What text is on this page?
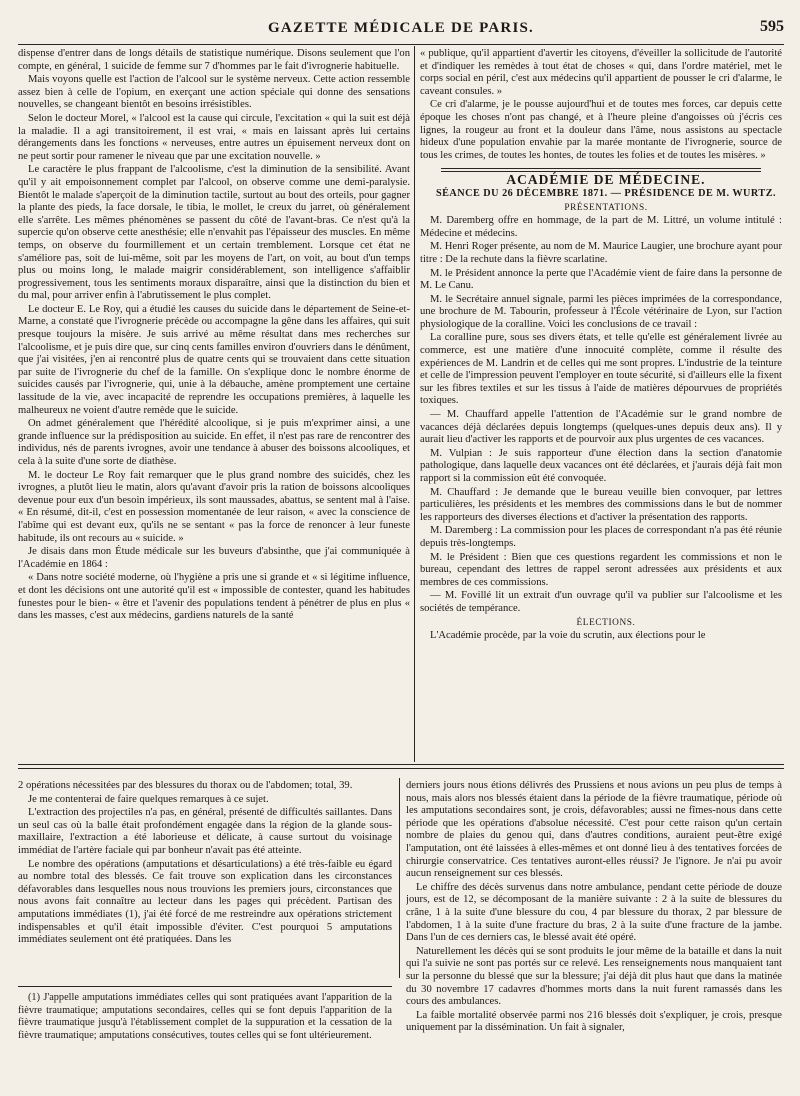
GAZETTE MÉDICALE DE PARIS.	595

dispense d'entrer dans de longs détails de statistique numérique. Disons seulement que l'on compte, en général, 1 suicide de femme sur 7 d'hommes par le fait d'ivrognerie habituelle.

Mais voyons quelle est l'action de l'alcool sur le système nerveux. Cette action ressemble assez bien à celle de l'opium, en exerçant une action spéciale qui donne des sensations nouvelles, se changeant bientôt en besoins irrésistibles.

Selon le docteur Morel, « l'alcool est la cause qui circule, l'excitation « qui la suit est déjà la maladie. Il a agi transitoirement, il est vrai, « mais en laissant après lui certains dérangements dans les fonctions « nerveuses, entre autres un épuisement nerveux dont on ne peut sortir pour ramener le niveau que par une excitation nouvelle. »

Le caractère le plus frappant de l'alcoolisme, c'est la diminution de la sensibilité. Avant qu'il y ait empoisonnement complet par l'alcool, on observe comme une demi-paralysie. Bientôt le malade s'aperçoit de la diminution tactile, surtout au bout des orteils, pour gagner la plante des pieds, la face dorsale, le tibia, le mollet, le creux du jarret, où généralement elle s'arrête. Les mêmes phénomènes se passent du côté de l'avant-bras. Ce n'est qu'à la supercie qu'on observe cette anesthésie; elle n'envahit pas l'épaisseur des muscles. En même temps, on observe du fourmillement et un certain tremblement. Lorsque cet état ne s'améliore pas, soit de lui-même, soit par les moyens de l'art, on voit, au bout d'un temps plus ou moins long, le malade maigrir considérablement, son intelligence s'affaiblir progressivement, tous les sentiments moraux disparaître, ainsi que la distinction du bien et du mal, pour arriver enfin à l'abrutissement le plus complet.

Le docteur E. Le Roy, qui a étudié les causes du suicide dans le département de Seine-et-Marne, a constaté que l'ivrognerie précède ou accompagne la gêne dans les affaires, qui suit presque toujours la misère. Je suis arrivé au même résultat dans mes recherches sur l'alcoolisme, et je puis dire que, sur cinq cents familles environ d'ouvriers dans le dénûment, que j'ai visitées, j'en ai rencontré plus de quatre cents qui se trouvaient dans cette situation par suite de l'ivrognerie du chef de la famille. On s'explique donc le nombre énorme de suicides causés par l'ivrognerie, qui, unie à la débauche, amène promptement une certaine lassitude de la vie, avec incapacité de reprendre les occupations premières, à laquelle les malheureux ne voient d'autre remède que le suicide.

On admet généralement que l'hérédité alcoolique, si je puis m'exprimer ainsi, a une grande influence sur la prédisposition au suicide. En effet, il n'est pas rare de rencontrer des individus, nés de parents ivrognes, avoir une tendance à abuser des boissons alcooliques, et cela à la suite d'une sorte de diathèse.

M. le docteur Le Roy fait remarquer que le plus grand nombre des suicidés, chez les ivrognes, a plutôt lieu le matin, alors qu'avant d'avoir pris la ration de boissons alcooliques devenue pour eux d'un besoin impérieux, ils sont maussades, abattus, se sentent mal à l'aise. « En résumé, dit-il, c'est en possession momentanée de leur raison, « avec la conscience de l'abîme qui est devant eux, qu'ils ne se sentant « pas la force de renoncer à leur funeste habitude, ils ont recours au « suicide. »

Je disais dans mon Étude médicale sur les buveurs d'absinthe, que j'ai communiquée à l'Académie en 1864 :

« Dans notre société moderne, où l'hygiène a pris une si grande et « si légitime influence, et dont les décisions ont une autorité qu'il est « impossible de contester, quand les habitudes funestes pour le bien- « être et l'avenir des populations tendent à pénétrer de plus en plus « dans les masses, c'est aux médecins, gardiens naturels de la santé

« publique, qu'il appartient d'avertir les citoyens, d'éveiller la sollicitude de l'autorité et d'indiquer les remèdes à tout état de choses « qui, dans l'ordre matériel, met le corps social en péril, c'est aux médecins qu'il appartient de pousser le cri d'alarme, le caveant consules. »

Ce cri d'alarme, je le pousse aujourd'hui et de toutes mes forces, car depuis cette époque les choses n'ont pas changé, et à l'heure pleine d'angoisses où j'écris ces lignes, la rougeur au front et la douleur dans l'âme, nous assistons au spectacle hideux d'une population envahie par la marée montante de l'ivrognerie, source de tous les crimes, de toutes les hontes, de toutes les folies et de toutes les misères. »

ACADÉMIE DE MÉDECINE.

SÉANCE DU 26 DÉCEMBRE 1871. — PRÉSIDENCE DE M. WURTZ.

PRÉSENTATIONS.

M. Daremberg offre en hommage, de la part de M. Littré, un volume intitulé : Médecine et médecins.

M. Henri Roger présente, au nom de M. Maurice Laugier, une brochure ayant pour titre : De la rechute dans la fièvre scarlatine.

M. le Président annonce la perte que l'Académie vient de faire dans la personne de M. Le Canu.

M. le Secrétaire annuel signale, parmi les pièces imprimées de la correspondance, une brochure de M. Tabourin, professeur à l'École vétérinaire de Lyon, sur l'action physiologique de la coralline. Voici les conclusions de ce travail :

La coralline pure, sous ses divers états, et telle qu'elle est généralement livrée au commerce, est une matière d'une innocuité complète, comme il résulte des expériences de M. Landrin et de celles qui me sont propres. L'industrie de la teinture et celle de l'impression peuvent l'employer en toute sécurité, si d'ailleurs elle la fixent sur les fibres textiles et sur les tissus à l'aide de matières dépourvues de propriétés toxiques.

— M. Chauffard appelle l'attention de l'Académie sur le grand nombre de vacances déjà déclarées depuis longtemps (quelques-unes depuis deux ans). Il y aurait lieu d'activer les rapports et de pourvoir aux plus urgentes de ces vacances.

M. Vulpian : Je suis rapporteur d'une élection dans la section d'anatomie pathologique, dans laquelle deux vacances ont été déclarées, et j'aurais déjà fait mon rapport si la commission eût été convoquée.

M. Chauffard : Je demande que le bureau veuille bien convoquer, par lettres particulières, les présidents et les membres des commissions dans le but de nommer les rapporteurs des diverses élections et d'activer la présentation des rapports.

M. Daremberg : La commission pour les places de correspondant n'a pas été réunie depuis très-longtemps.

M. le Président : Bien que ces questions regardent les commissions et non le bureau, cependant des lettres de rappel seront adressées aux présidents et aux membres de ces commissions.

— M. Fovillé lit un extrait d'un ouvrage qu'il va publier sur l'alcoolisme et les sociétés de tempérance.

ÉLECTIONS.

L'Académie procède, par la voie du scrutin, aux élections pour le

2 opérations nécessitées par des blessures du thorax ou de l'abdomen; total, 39.

Je me contenterai de faire quelques remarques à ce sujet.

L'extraction des projectiles n'a pas, en général, présenté de difficultés saillantes. Dans un seul cas où la balle était profondément engagée dans la région de la glande sous-maxillaire, l'extraction a été laborieuse et délicate, à cause surtout du voisinage immédiat de l'artère faciale qui par bonheur n'avait pas été atteinte.

Le nombre des opérations (amputations et désarticulations) a été très-faible eu égard au nombre total des blessés. Ce fait trouve son explication dans les circonstances défavorables dans lesquelles nous nous trouvions les premiers jours, circonstances que nous avons fait connaître au lecteur dans les pages qui précèdent. Partisan des amputations immédiates (1), j'ai été forcé de me restreindre aux opérations strictement indispensables et qu'il était impossible d'éviter. C'est pourquoi 5 amputations immédiates seulement ont été pratiquées. Dans les

(1) J'appelle amputations immédiates celles qui sont pratiquées avant l'apparition de la fièvre traumatique; amputations secondaires, celles qui se font depuis l'apparition de la fièvre traumatique jusqu'à l'établissement complet de la suppuration et la cessation de la fièvre traumatique; amputations consécutives, toutes celles qui se font ultérieurement.

derniers jours nous étions délivrés des Prussiens et nous avions un peu plus de temps à nous, mais alors nos blessés étaient dans la période de la fièvre traumatique, période où les amputations secondaires sont, je crois, défavorables; aussi ne fîmes-nous dans cette période que les opérations d'absolue nécessité. C'est pour cette raison qu'un certain nombre de plaies du genou qui, dans d'autres conditions, auraient peut-être exigé l'amputation, ont été laissées à elles-mêmes et ont donné lieu à des tentatives forcées de chirurgie conservatrice. Ces tentatives auront-elles réussi? Je l'ignore. Je n'ai pu avoir aucun renseignement sur ces blessés.

Le chiffre des décès survenus dans notre ambulance, pendant cette période de douze jours, est de 12, se décomposant de la manière suivante : 2 à la suite de blessures du crâne, 1 à la suite d'une blessure du cou, 4 par blessure du thorax, 2 par blessure de l'abdomen, 1 à la suite d'une fracture du bras, 2 à la suite d'une fracture de la jambe. Dans l'un de ces derniers cas, le blessé avait été opéré.

Naturellement les décès qui se sont produits le jour même de la bataille et dans la nuit qui l'a suivie ne sont pas portés sur ce relevé. Les renseignements nous manquaient tant sur la personne du blessé que sur la blessure; j'ai déjà dit plus haut que dans la matinée du 30 novembre 17 cadavres d'hommes morts dans la nuit furent ramassés dans les cours des ambulances.

La faible mortalité observée parmi nos 216 blessés doit s'expliquer, je crois, presque uniquement par la dissémination. Un fait à signaler,
